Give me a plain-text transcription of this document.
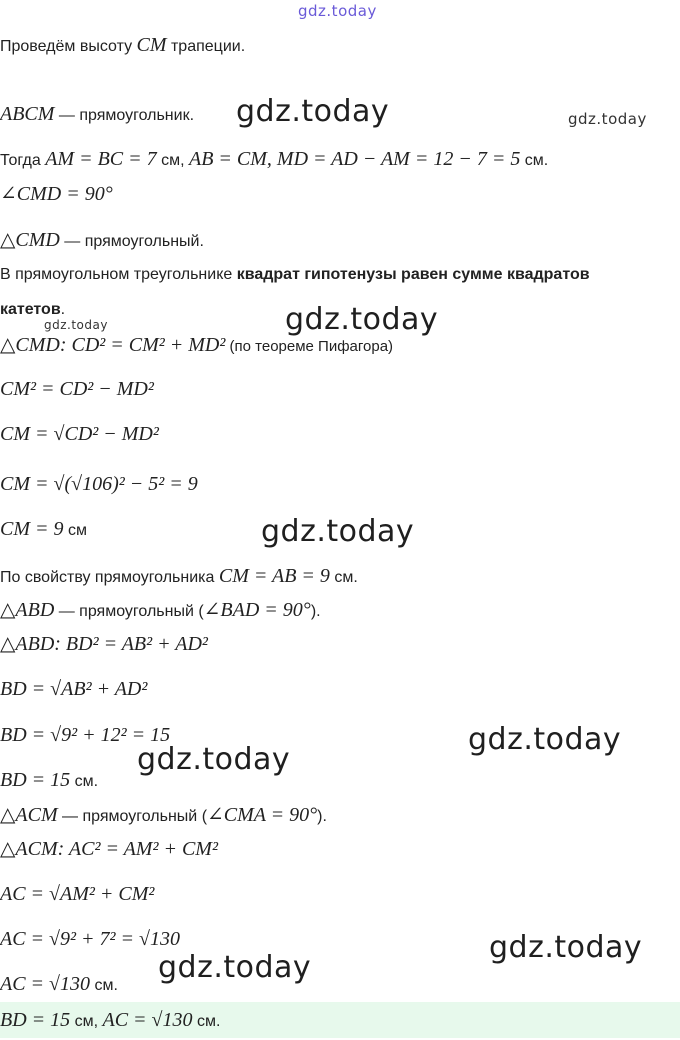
gdz.today
gdz.today	gdz.today
gdz.today
gdz.today
gdz.today
gdz.today
gdz.today
gdz.today
gdz.today
Проведём высоту CM трапеции.
ABCM — прямоугольник.
Тогда AM = BC = 7 см, AB = CM, MD = AD − AM = 12 − 7 = 5 см.
∠CMD = 90°
△CMD — прямоугольный.
В прямоугольном треугольнике квадрат гипотенузы равен сумме квадратов
катетов.
△CMD: CD² = CM² + MD² (по теореме Пифагора)
CM² = CD² − MD²
CM = √CD² − MD²
CM = √(√106)² − 5² = 9
CM = 9 см
По свойству прямоугольника CM = AB = 9 см.
△ABD — прямоугольный (∠BAD = 90°).
△ABD: BD² = AB² + AD²
BD = √AB² + AD²
BD = √9² + 12² = 15
BD = 15 см.
△ACM — прямоугольный (∠CMA = 90°).
△ACM: AC² = AM² + CM²
AC = √AM² + CM²
AC = √9² + 7² = √130
AC = √130 см.
BD = 15 см, AC = √130 см.
